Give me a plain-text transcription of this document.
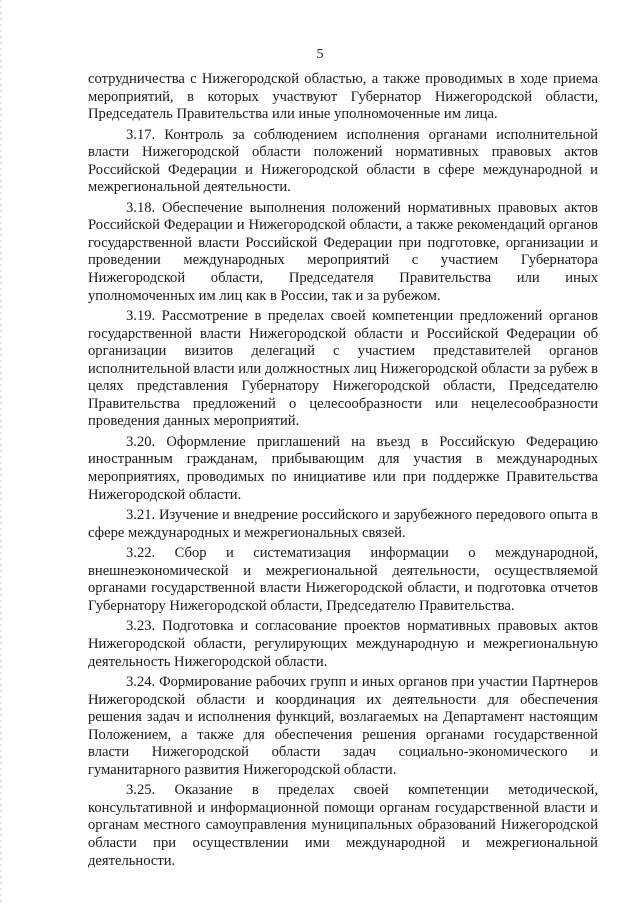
5

сотрудничества с Нижегородской областью, а также проводимых в ходе приема мероприятий, в которых участвуют Губернатор Нижегородской области, Председатель Правительства или иные уполномоченные им лица.

3.17. Контроль за соблюдением исполнения органами исполнительной власти Нижегородской области положений нормативных правовых актов Российской Федерации и Нижегородской области в сфере международной и межрегиональной деятельности.

3.18. Обеспечение выполнения положений нормативных правовых актов Российской Федерации и Нижегородской области, а также рекомендаций органов государственной власти Российской Федерации при подготовке, организации и проведении международных мероприятий с участием Губернатора Нижегородской области, Председателя Правительства или иных уполномоченных им лиц как в России, так и за рубежом.

3.19. Рассмотрение в пределах своей компетенции предложений органов государственной власти Нижегородской области и Российской Федерации об организации визитов делегаций с участием представителей органов исполнительной власти или должностных лиц Нижегородской области за рубеж в целях представления Губернатору Нижегородской области, Председателю Правительства предложений о целесообразности или нецелесообразности проведения данных мероприятий.

3.20. Оформление приглашений на въезд в Российскую Федерацию иностранным гражданам, прибывающим для участия в международных мероприятиях, проводимых по инициативе или при поддержке Правительства Нижегородской области.

3.21. Изучение и внедрение российского и зарубежного передового опыта в сфере международных и межрегиональных связей.

3.22. Сбор и систематизация информации о международной, внешнеэкономической и межрегиональной деятельности, осуществляемой органами государственной власти Нижегородской области, и подготовка отчетов Губернатору Нижегородской области, Председателю Правительства.

3.23. Подготовка и согласование проектов нормативных правовых актов Нижегородской области, регулирующих международную и межрегиональную деятельность Нижегородской области.

3.24. Формирование рабочих групп и иных органов при участии Партнеров Нижегородской области и координация их деятельности для обеспечения решения задач и исполнения функций, возлагаемых на Департамент настоящим Положением, а также для обеспечения решения органами государственной власти Нижегородской области задач социально-экономического и гуманитарного развития Нижегородской области.

3.25. Оказание в пределах своей компетенции методической, консультативной и информационной помощи органам государственной власти и органам местного самоуправления муниципальных образований Нижегородской области при осуществлении ими международной и межрегиональной деятельности.
